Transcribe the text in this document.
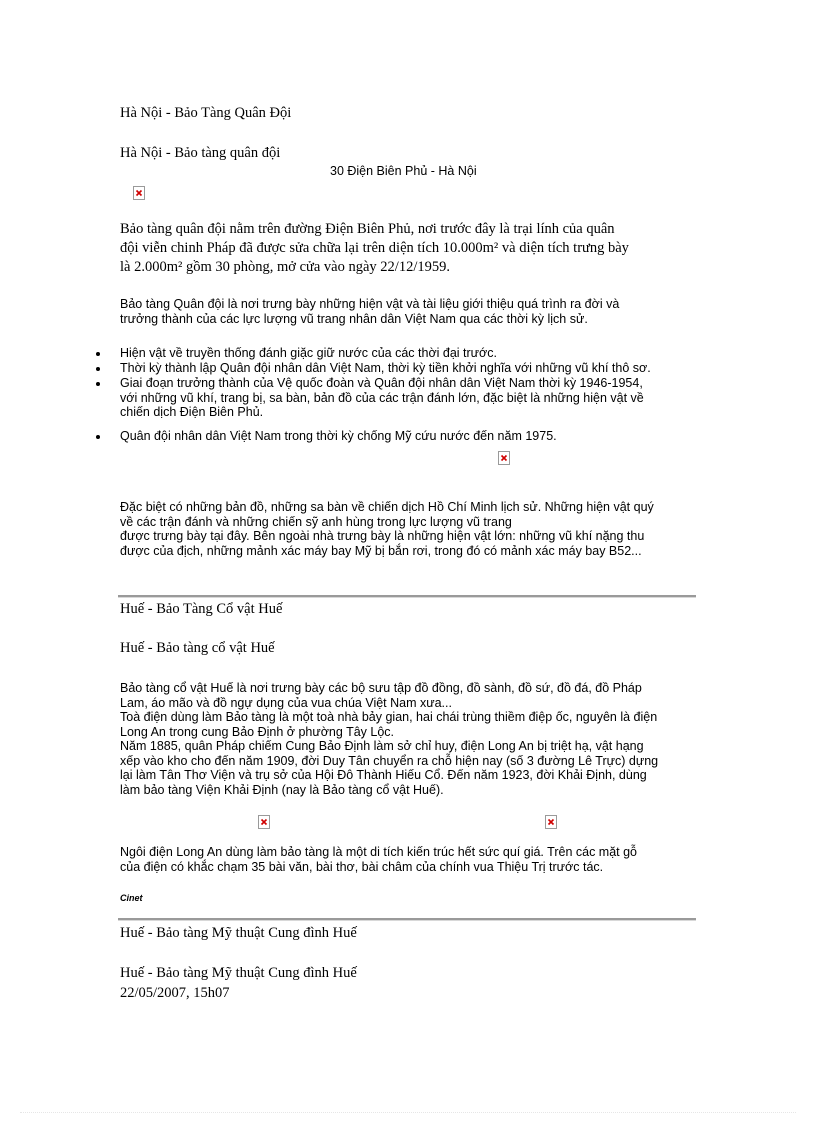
Hà Nội - Bảo Tàng Quân Đội
Hà Nội - Bảo tàng quân đội
30 Điện Biên Phủ - Hà Nội
Bảo tàng quân đội nằm trên đường Điện Biên Phủ, nơi trước đây là trại lính của quân
đội viễn chinh Pháp đã được sửa chữa lại trên diện tích 10.000m² và diện tích trưng bày
là 2.000m² gồm 30 phòng, mở cửa vào ngày 22/12/1959.
Bảo tàng Quân đội là nơi trưng bày những hiện vật và tài liệu giới thiệu quá trình ra đời và
trưởng thành của các lực lượng vũ trang nhân dân Việt Nam qua các thời kỳ lịch sử.
Hiện vật về truyền thống đánh giặc giữ nước của các thời đại trước.
Thời kỳ thành lập Quân đội nhân dân Việt Nam, thời kỳ tiền khởi nghĩa với những vũ khí thô sơ.
Giai đoạn trưởng thành của Vệ quốc đoàn và Quân đội nhân dân Việt Nam thời kỳ 1946-1954,
với những vũ khí, trang bị, sa bàn, bản đồ của các trận đánh lớn, đặc biệt là những hiện vật về
chiến dịch Điện Biên Phủ.
Quân đội nhân dân Việt Nam trong thời kỳ chống Mỹ cứu nước đến năm 1975.
Đặc biệt có những bản đồ, những sa bàn về chiến dịch Hồ Chí Minh lịch sử. Những hiện vật quý
về các trận đánh và những chiến sỹ anh hùng trong lực lượng vũ trang
được trưng bày tại đây. Bên ngoài nhà trưng bày là những hiện vật lớn: những vũ khí nặng thu
được của địch, những mảnh xác máy bay Mỹ bị bắn rơi, trong đó có mảnh xác máy bay B52...
Huế - Bảo Tàng Cổ vật Huế
Huế - Bảo tàng cổ vật Huế
Bảo tàng cổ vật Huế là nơi trưng bày các bộ sưu tập đồ đồng, đồ sành, đồ sứ, đồ đá, đồ Pháp
Lam, áo mão và đồ ngự dụng của vua chúa Việt Nam xưa...
Toà điện dùng làm Bảo tàng là một toà nhà bảy gian, hai chái trùng thiềm điệp ốc, nguyên là điện
Long An trong cung Bảo Định ở phường Tây Lộc.
Năm 1885, quân Pháp chiếm Cung Bảo Định làm sở chỉ huy, điện Long An bị triệt hạ, vật hạng
xếp vào kho cho đến năm 1909, đời Duy Tân chuyển ra chỗ hiện nay (số 3 đường Lê Trực) dựng
lại làm Tân Thơ Viện và trụ sở của Hội Đô Thành Hiếu Cổ. Đến năm 1923, đời Khải Định, dùng
làm bảo tàng Viện Khải Định (nay là Bảo tàng cổ vật Huế).
Ngôi điện Long An dùng làm bảo tàng là một di tích kiến trúc hết sức quí giá. Trên các mặt gỗ
của điện có khắc chạm 35 bài văn, bài thơ, bài châm của chính vua Thiệu Trị trước tác.
Cinet
Huế - Bảo tàng Mỹ thuật Cung đình Huế
Huế - Bảo tàng Mỹ thuật Cung đình Huế
22/05/2007, 15h07
